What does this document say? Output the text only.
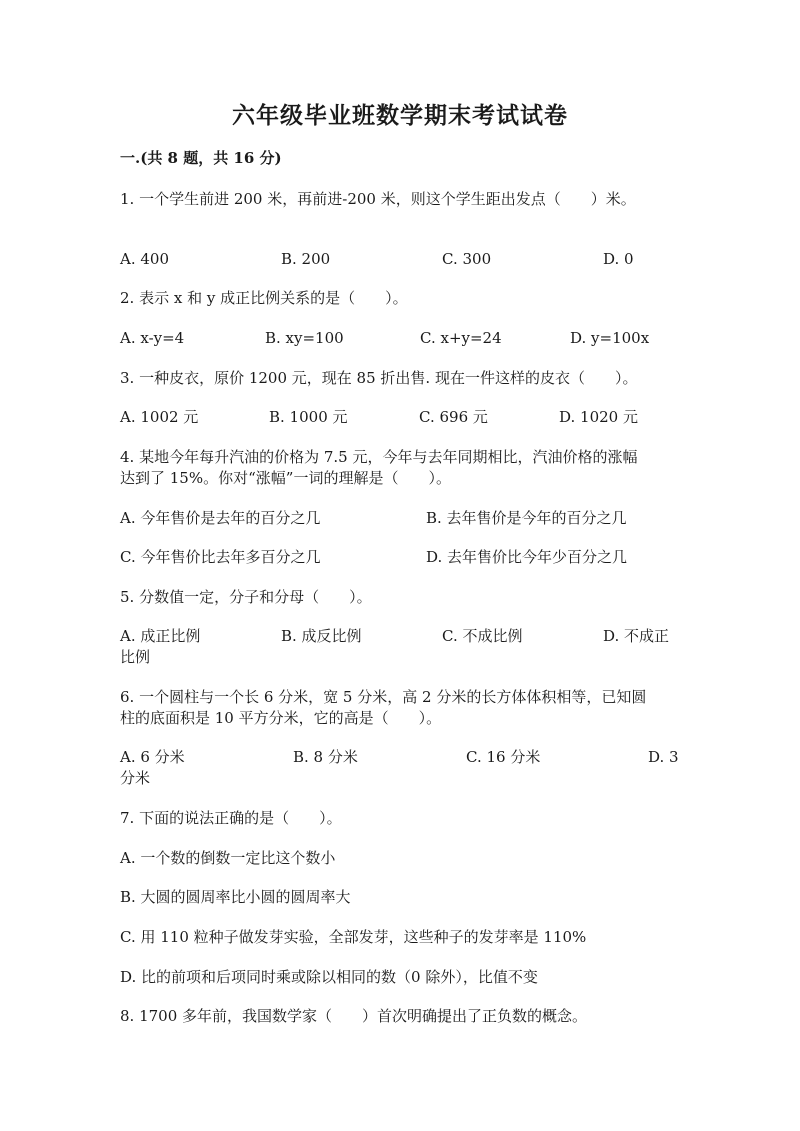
六年级毕业班数学期末考试试卷
一.(共 8 题，共 16 分)
1. 一个学生前进 200 米，再前进-200 米，则这个学生距出发点（　　）米。
A. 400	B. 200	C. 300	D. 0
2. 表示 x 和 y 成正比例关系的是（　　）。
A. x-y=4	B. xy=100	C. x+y=24	D. y=100x
3. 一种皮衣，原价 1200 元，现在 85 折出售. 现在一件这样的皮衣（　　）。
A. 1002 元	B. 1000 元	C. 696 元	D. 1020 元
4. 某地今年每升汽油的价格为 7.5 元，今年与去年同期相比，汽油价格的涨幅
达到了 15%。你对“涨幅”一词的理解是（　　）。
A. 今年售价是去年的百分之几	B. 去年售价是今年的百分之几
C. 今年售价比去年多百分之几	D. 去年售价比今年少百分之几
5. 分数值一定，分子和分母（　　）。
A. 成正比例	B. 成反比例	C. 不成比例	D. 不成正
比例
6. 一个圆柱与一个长 6 分米，宽 5 分米，高 2 分米的长方体体积相等，已知圆
柱的底面积是 10 平方分米，它的高是（　　）。
A. 6 分米	B. 8 分米	C. 16 分米	D. 3
分米
7. 下面的说法正确的是（　　）。
A. 一个数的倒数一定比这个数小
B. 大圆的圆周率比小圆的圆周率大
C. 用 110 粒种子做发芽实验，全部发芽，这些种子的发芽率是 110%
D. 比的前项和后项同时乘或除以相同的数（0 除外），比值不变
8. 1700 多年前，我国数学家（　　）首次明确提出了正负数的概念。
